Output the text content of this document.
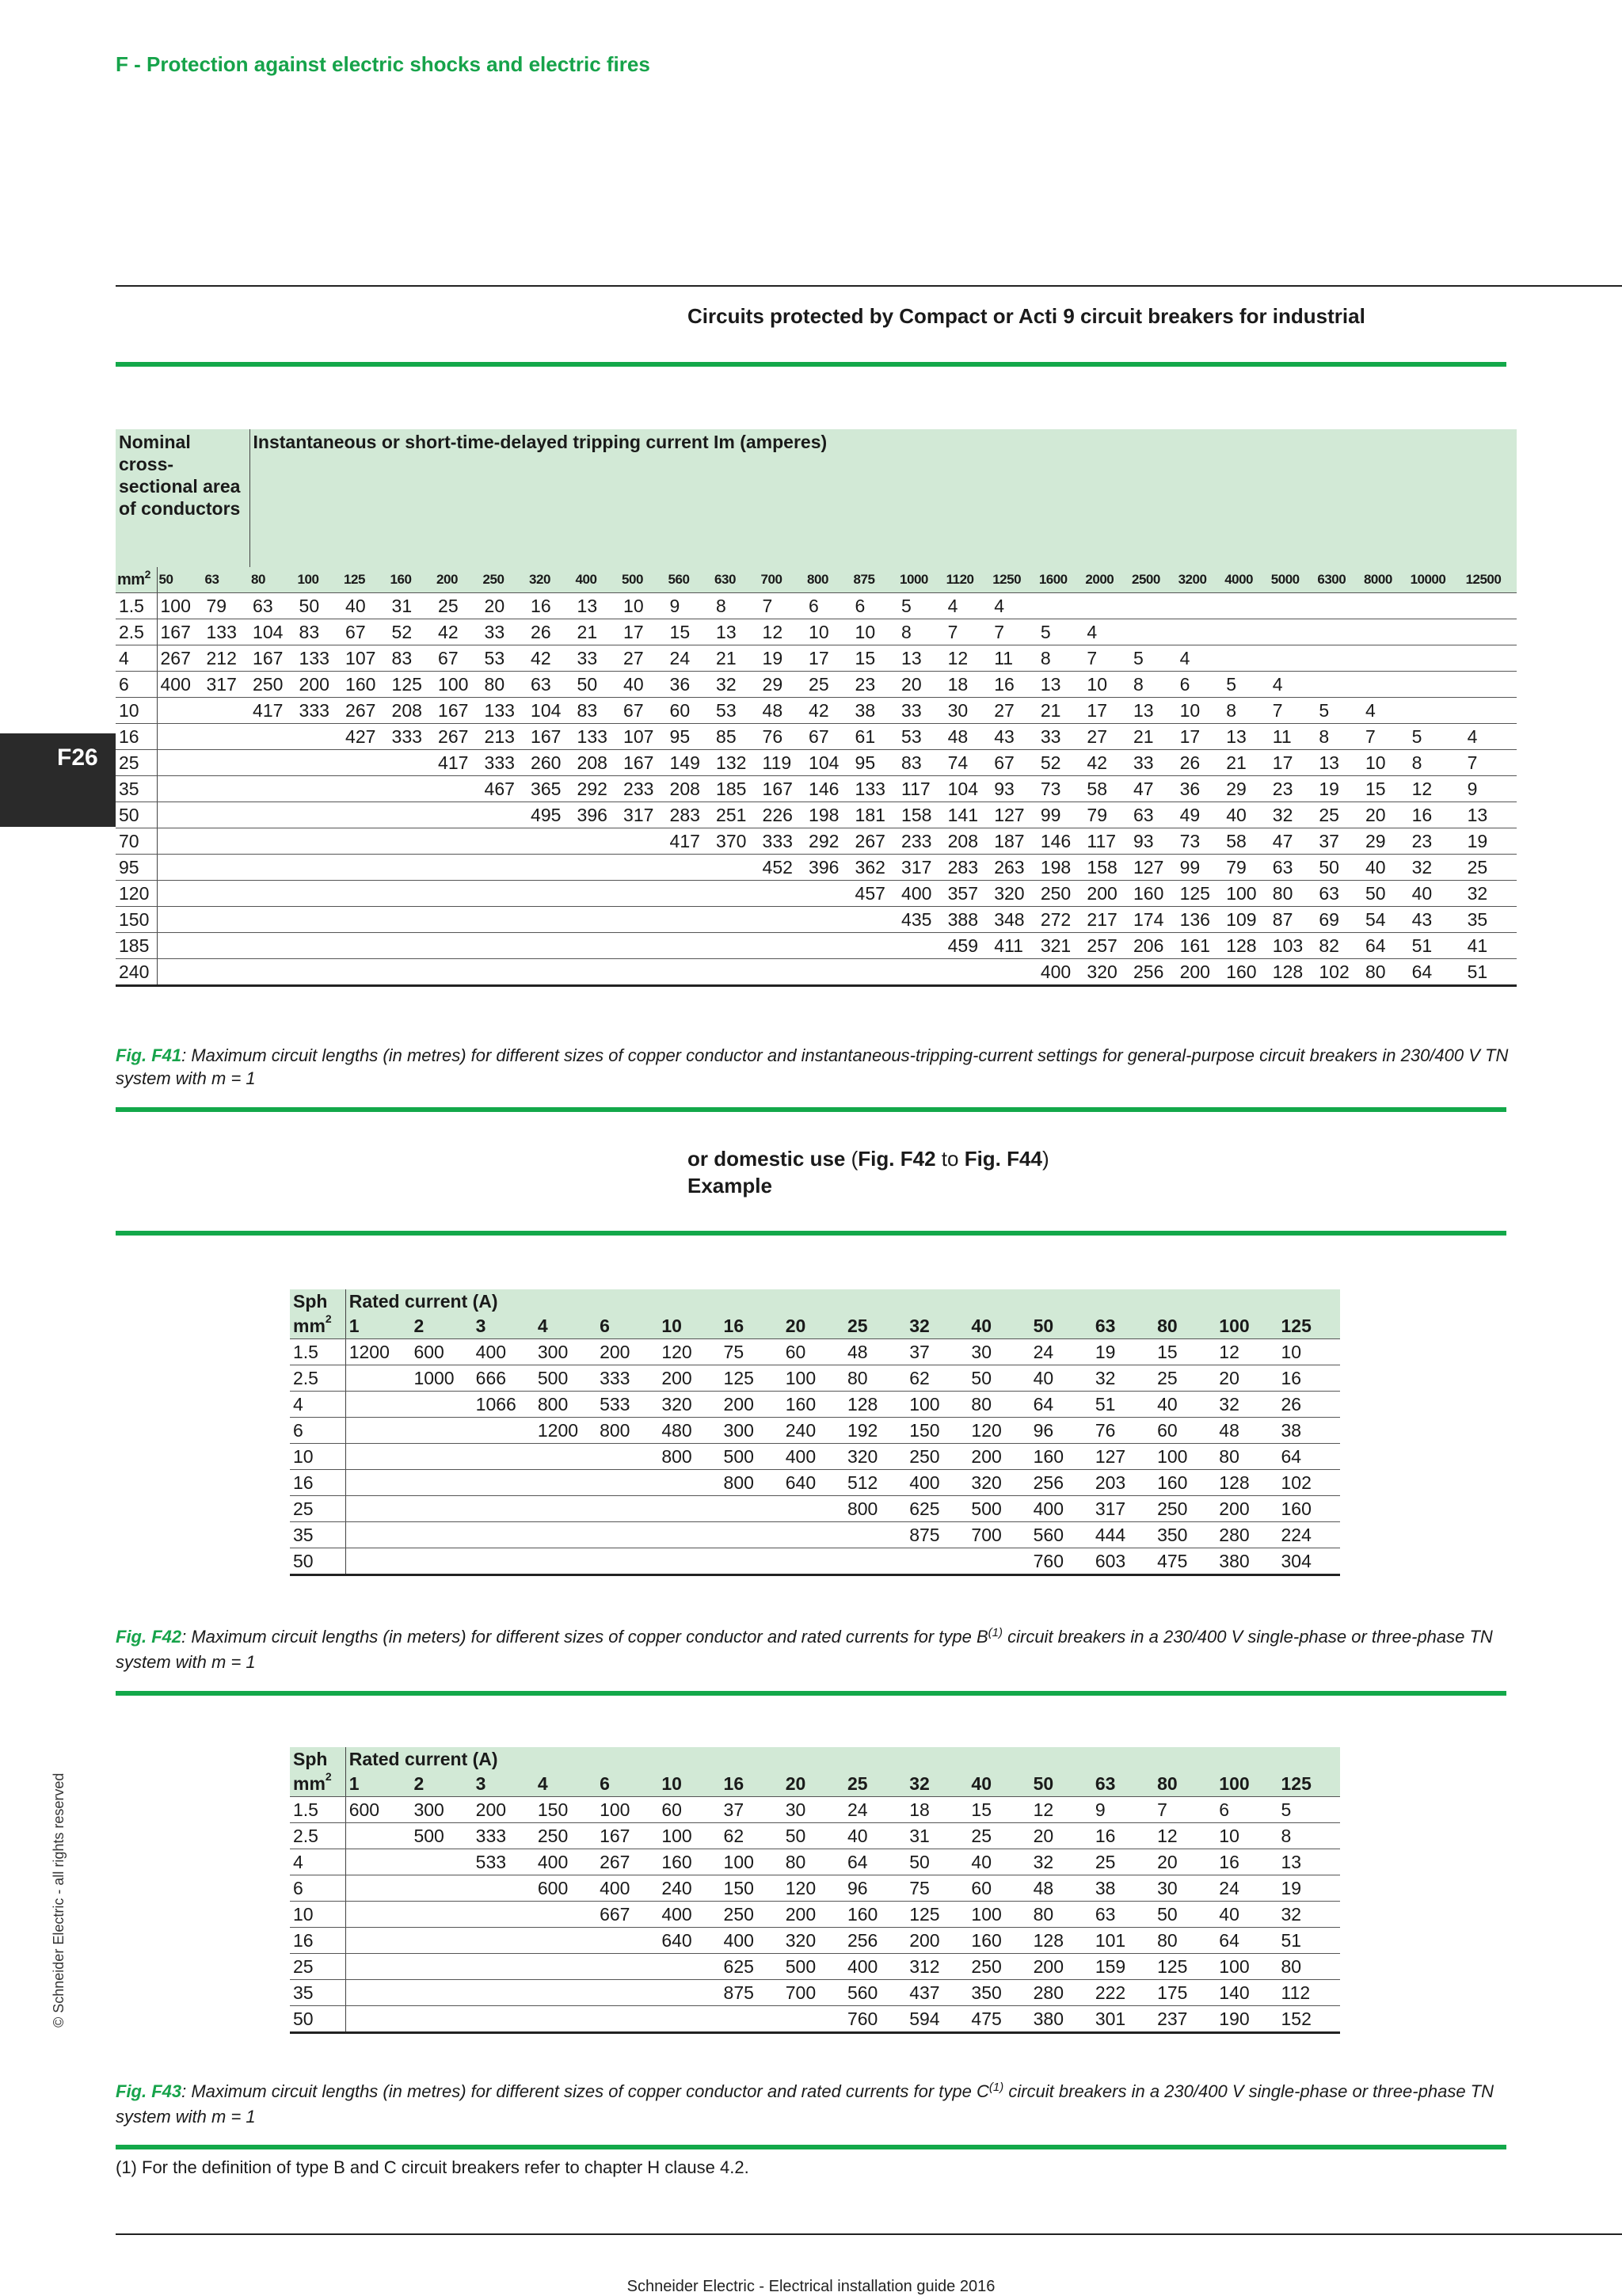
F - Protection against electric shocks and electric fires
Circuits protected by Compact or Acti 9 circuit breakers for industrial
Nominal cross-sectional area of conductors			Instantaneous or short-time-delayed tripping current Im (amperes)																										
$mm^2$	50	63	80	100	125	160	200	250	320	400	500	560	630	700	800	875	1000	1120	1250	1600	2000	2500	3200	4000	5000	6300	8000	10000	12500
1.5	100	79	63	50	40	31	25	20	16	13	10	9	8	7	6	6	5	4	4										
2.5	167	133	104	83	67	52	42	33	26	21	17	15	13	12	10	10	8	7	7	5	4								
4	267	212	167	133	107	83	67	53	42	33	27	24	21	19	17	15	13	12	11	8	7	5	4						
6	400	317	250	200	160	125	100	80	63	50	40	36	32	29	25	23	20	18	16	13	10	8	6	5	4				
10			417	333	267	208	167	133	104	83	67	60	53	48	42	38	33	30	27	21	17	13	10	8	7	5	4		
16					427	333	267	213	167	133	107	95	85	76	67	61	53	48	43	33	27	21	17	13	11	8	7	5	4
25							417	333	260	208	167	149	132	119	104	95	83	74	67	52	42	33	26	21	17	13	10	8	7
35								467	365	292	233	208	185	167	146	133	117	104	93	73	58	47	36	29	23	19	15	12	9
50									495	396	317	283	251	226	198	181	158	141	127	99	79	63	49	40	32	25	20	16	13
70												417	370	333	292	267	233	208	187	146	117	93	73	58	47	37	29	23	19
95														452	396	362	317	283	263	198	158	127	99	79	63	50	40	32	25
120																457	400	357	320	250	200	160	125	100	80	63	50	40	32
150																	435	388	348	272	217	174	136	109	87	69	54	43	35
185																		459	411	321	257	206	161	128	103	82	64	51	41
240																				400	320	256	200	160	128	102	80	64	51
Fig. F41: Maximum circuit lengths (in metres) for different sizes of copper conductor and instantaneous-tripping-current settings for general-purpose circuit breakers in 230/400 V TN system with m = 1
or domestic use (Fig. F42 to Fig. F44)
Example
Sph	Rated current (A)															
$mm^2$	1	2	3	4	6	10	16	20	25	32	40	50	63	80	100	125
1.5	1200	600	400	300	200	120	75	60	48	37	30	24	19	15	12	10
2.5		1000	666	500	333	200	125	100	80	62	50	40	32	25	20	16
4			1066	800	533	320	200	160	128	100	80	64	51	40	32	26
6				1200	800	480	300	240	192	150	120	96	76	60	48	38
10						800	500	400	320	250	200	160	127	100	80	64
16							800	640	512	400	320	256	203	160	128	102
25									800	625	500	400	317	250	200	160
35										875	700	560	444	350	280	224
50												760	603	475	380	304
Fig. F42: Maximum circuit lengths (in meters) for different sizes of copper conductor and rated currents for type $B^{(1)}$ circuit breakers in a 230/400 V single-phase or three-phase TN system with m = 1
Sph	Rated current (A)															
$mm^2$	1	2	3	4	6	10	16	20	25	32	40	50	63	80	100	125
1.5	600	300	200	150	100	60	37	30	24	18	15	12	9	7	6	5
2.5		500	333	250	167	100	62	50	40	31	25	20	16	12	10	8
4			533	400	267	160	100	80	64	50	40	32	25	20	16	13
6				600	400	240	150	120	96	75	60	48	38	30	24	19
10					667	400	250	200	160	125	100	80	63	50	40	32
16						640	400	320	256	200	160	128	101	80	64	51
25							625	500	400	312	250	200	159	125	100	80
35							875	700	560	437	350	280	222	175	140	112
50									760	594	475	380	301	237	190	152
Fig. F43: Maximum circuit lengths (in metres) for different sizes of copper conductor and rated currents for type $C^{(1)}$ circuit breakers in a 230/400 V single-phase or three-phase TN system with m = 1
(1) For the definition of type B and C circuit breakers refer to chapter H clause 4.2.
F26
© Schneider Electric - all rights reserved
Schneider Electric - Electrical installation guide 2016
